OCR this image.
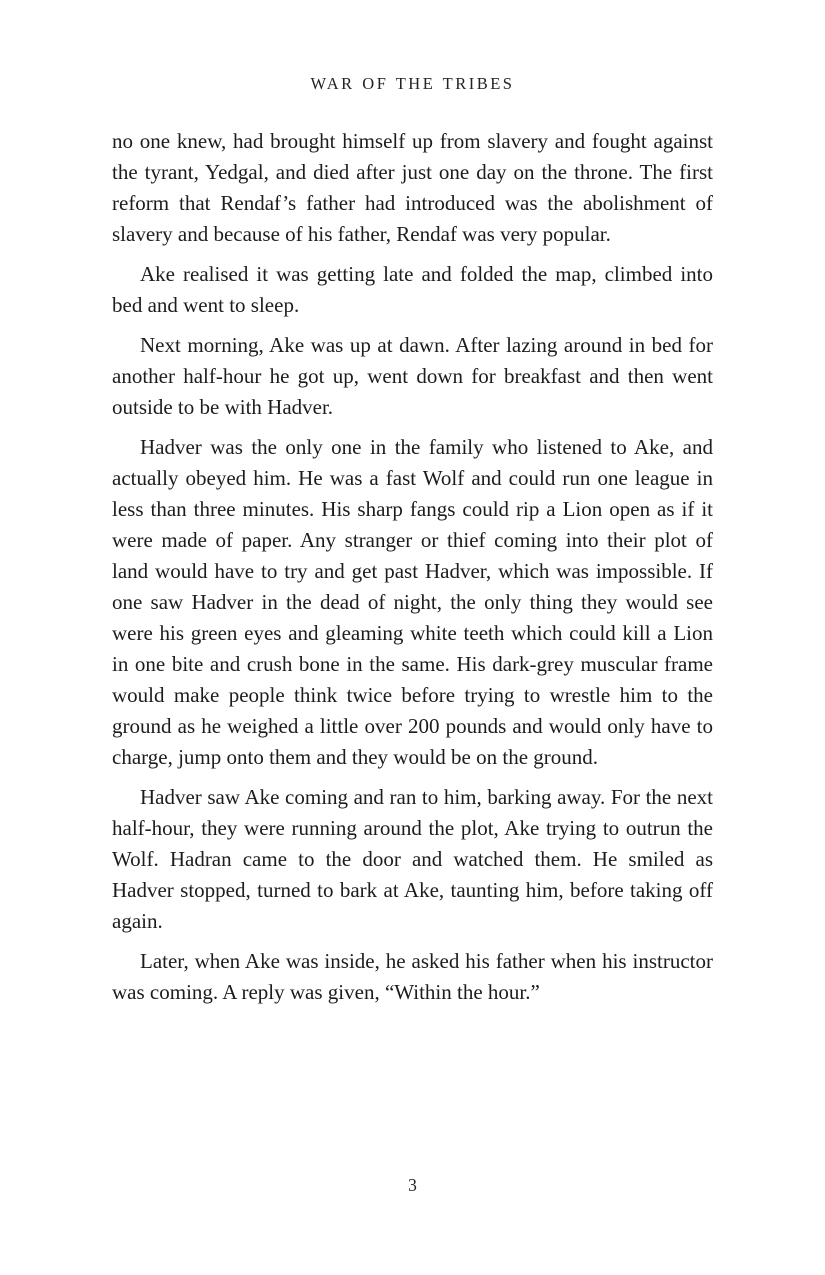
WAR OF THE TRIBES

no one knew, had brought himself up from slavery and fought against the tyrant, Yedgal, and died after just one day on the throne. The first reform that Rendaf’s father had introduced was the abolishment of slavery and because of his father, Rendaf was very popular.

Ake realised it was getting late and folded the map, climbed into bed and went to sleep.

Next morning, Ake was up at dawn. After lazing around in bed for another half-hour he got up, went down for breakfast and then went outside to be with Hadver.

Hadver was the only one in the family who listened to Ake, and actually obeyed him. He was a fast Wolf and could run one league in less than three minutes. His sharp fangs could rip a Lion open as if it were made of paper. Any stranger or thief coming into their plot of land would have to try and get past Hadver, which was impossible. If one saw Hadver in the dead of night, the only thing they would see were his green eyes and gleaming white teeth which could kill a Lion in one bite and crush bone in the same. His dark-grey muscular frame would make people think twice before trying to wrestle him to the ground as he weighed a little over 200 pounds and would only have to charge, jump onto them and they would be on the ground.

Hadver saw Ake coming and ran to him, barking away. For the next half-hour, they were running around the plot, Ake trying to outrun the Wolf. Hadran came to the door and watched them. He smiled as Hadver stopped, turned to bark at Ake, taunting him, before taking off again.

Later, when Ake was inside, he asked his father when his instructor was coming. A reply was given, “Within the hour.”

3
